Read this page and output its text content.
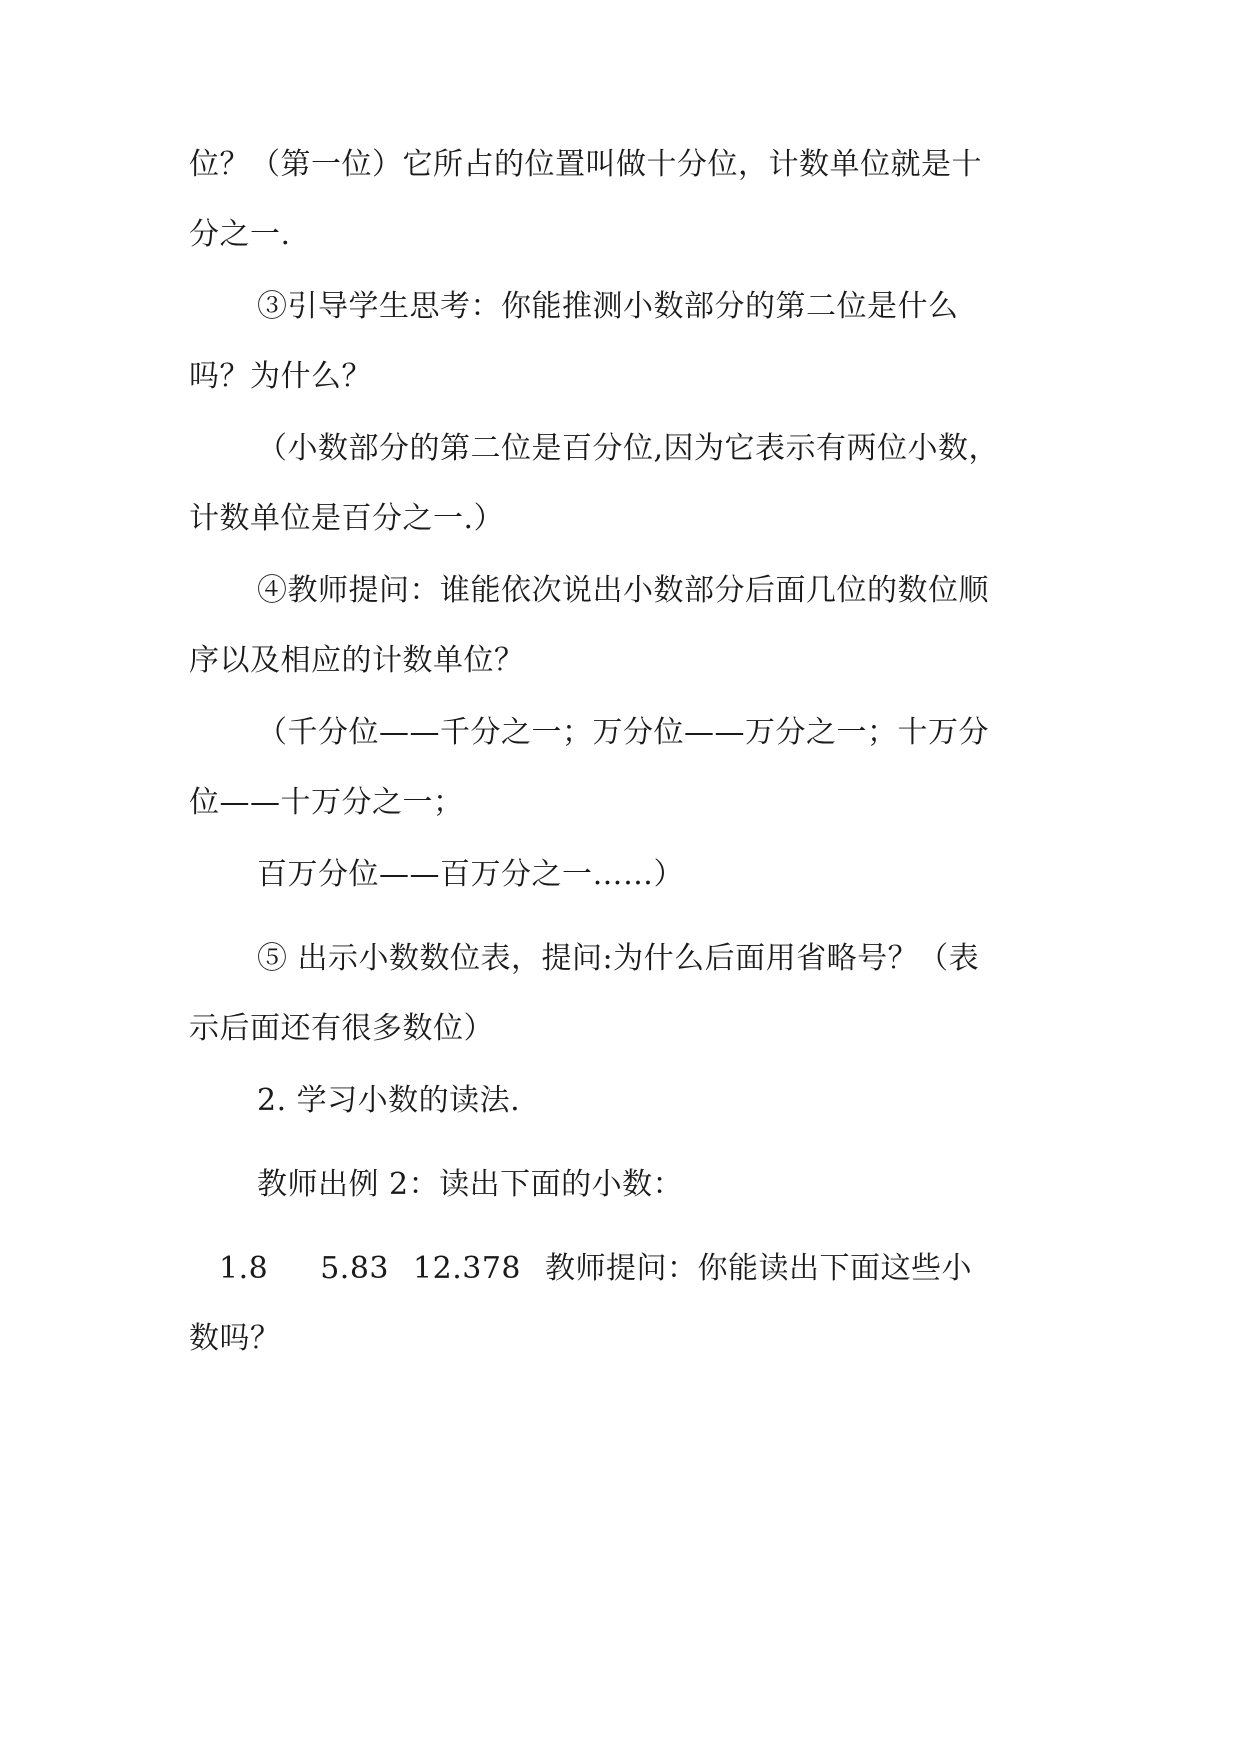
位？（第一位）它所占的位置叫做十分位，计数单位就是十
分之一.
③引导学生思考：你能推测小数部分的第二位是什么
吗？为什么？
（小数部分的第二位是百分位,因为它表示有两位小数，
计数单位是百分之一.）
④教师提问：谁能依次说出小数部分后面几位的数位顺
序以及相应的计数单位？
（千分位——千分之一；万分位——万分之一；十万分
位——十万分之一；
百万分位——百万分之一……）
⑤ 出示小数数位表，提问:为什么后面用省略号？（表
示后面还有很多数位）
2. 学习小数的读法.
教师出例 2：读出下面的小数：
1.8 5.83 12.378 教师提问：你能读出下面这些小
数吗？
